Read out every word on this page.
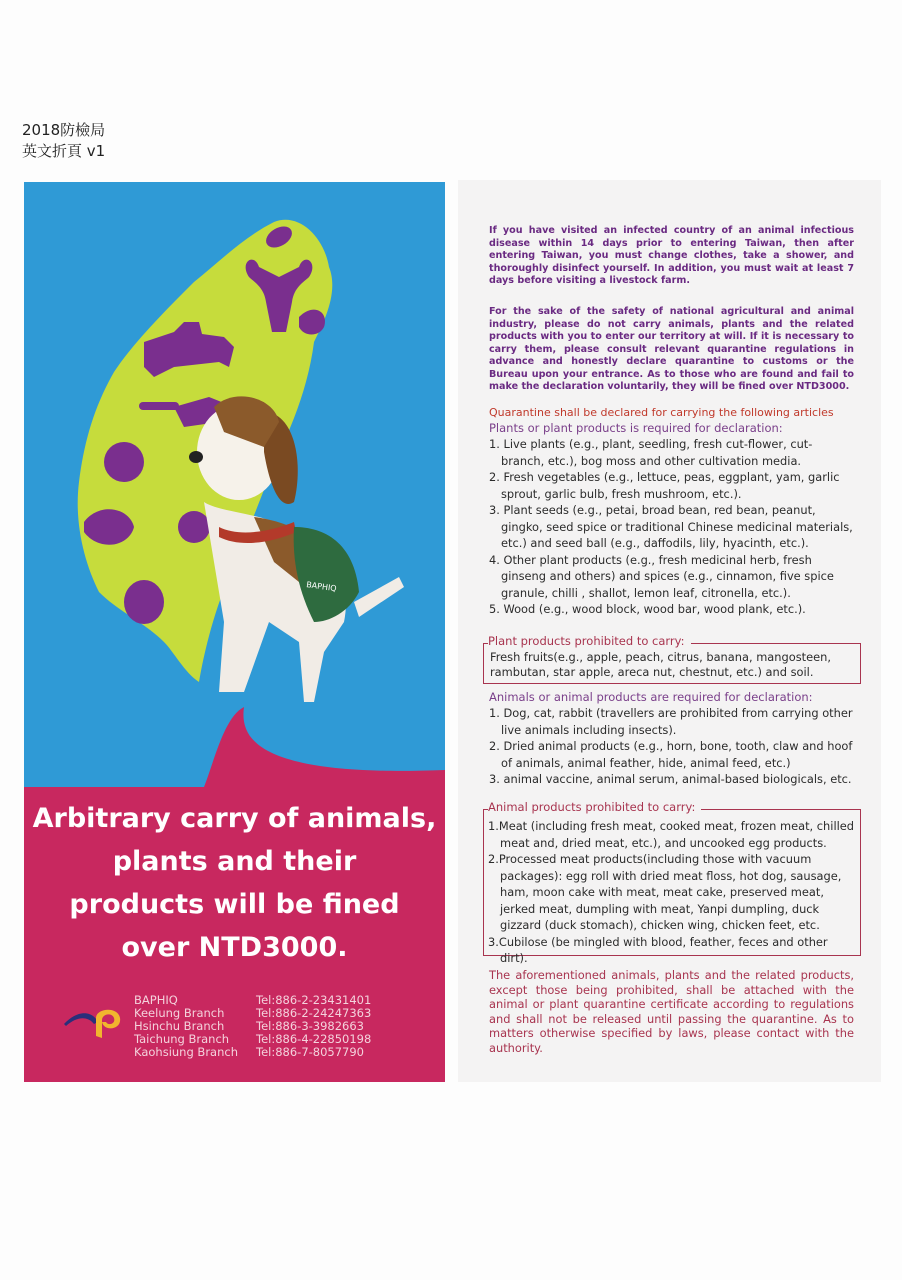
2018防檢局
英文折頁 v1
BAPHIQ
Arbitrary carry of animals,
plants and their
products will be fined
over NTD3000.
BAPHIQ
Keelung Branch
Hsinchu Branch
Taichung Branch
Kaohsiung Branch
Tel:886-2-23431401
Tel:886-2-24247363
Tel:886-3-3982663
Tel:886-4-22850198
Tel:886-7-8057790
If you have visited an infected country of an animal infectious disease within 14 days prior to entering Taiwan, then after entering Taiwan, you must change clothes, take a shower, and thoroughly disinfect yourself. In addition, you must wait at least 7 days before visiting a livestock farm.
For the sake of the safety of national agricultural and animal industry, please do not carry animals, plants and the related products with you to enter our territory at will. If it is necessary to carry them, please consult relevant quarantine regulations in advance and honestly declare quarantine to customs or the Bureau upon your entrance. As to those who are found and fail to make the declaration voluntarily, they will be fined over NTD3000.
Quarantine shall be declared for carrying the following articles
Plants or plant products is required for declaration:
1. Live plants (e.g., plant, seedling, fresh cut-flower, cut-branch, etc.), bog moss and other cultivation media.
2. Fresh vegetables (e.g., lettuce, peas, eggplant, yam, garlic sprout, garlic bulb, fresh mushroom, etc.).
3. Plant seeds (e.g., petai, broad bean, red bean, peanut, gingko, seed spice or traditional Chinese medicinal materials, etc.) and seed ball (e.g., daffodils, lily, hyacinth, etc.).
4. Other plant products (e.g., fresh medicinal herb, fresh ginseng and others) and spices (e.g., cinnamon, five spice granule, chilli , shallot, lemon leaf, citronella, etc.).
5. Wood (e.g., wood block, wood bar, wood plank, etc.).
Plant products prohibited to carry:
Fresh fruits(e.g., apple, peach, citrus, banana, mangosteen, rambutan, star apple, areca nut, chestnut, etc.) and soil.
Animals or animal products are required for declaration:
1. Dog, cat, rabbit (travellers are prohibited from carrying other live animals including insects).
2. Dried animal products (e.g., horn, bone, tooth, claw and hoof of animals, animal feather, hide, animal feed, etc.)
3. animal vaccine, animal serum, animal-based biologicals, etc.
Animal products prohibited to carry:
1.Meat (including fresh meat, cooked meat, frozen meat, chilled meat and, dried meat, etc.), and uncooked egg products.
2.Processed meat products(including those with vacuum packages): egg roll with dried meat floss, hot dog, sausage, ham, moon cake with meat, meat cake, preserved meat, jerked meat, dumpling with meat, Yanpi dumpling, duck gizzard (duck stomach), chicken wing, chicken feet, etc.
3.Cubilose (be mingled with blood, feather, feces and other dirt).
The aforementioned animals, plants and the related products, except those being prohibited, shall be attached with the animal or plant quarantine certificate according to regulations and shall not be released until passing the quarantine. As to matters otherwise specified by laws, please contact with the authority.
